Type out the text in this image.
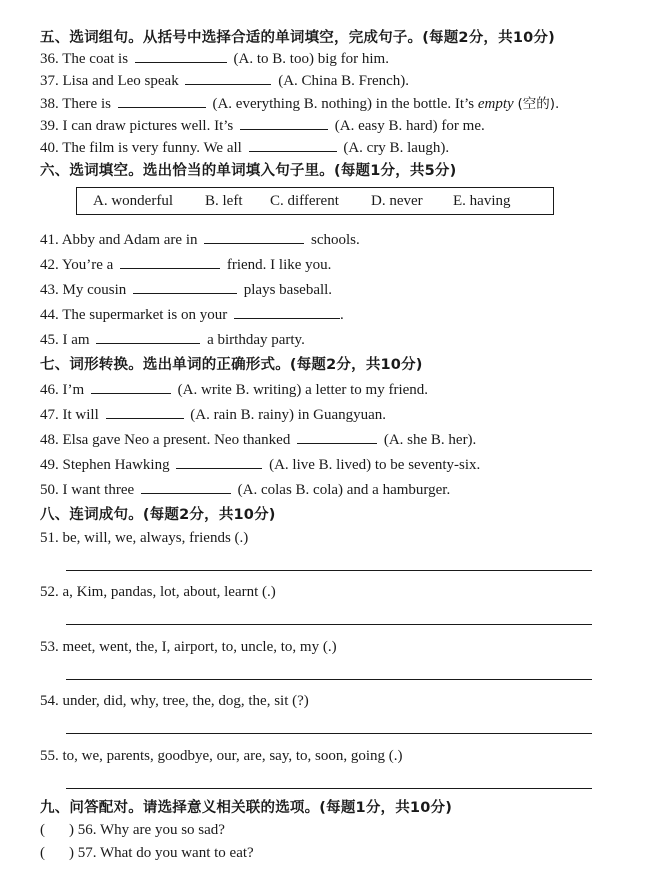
五、选词组句。从括号中选择合适的单词填空，完成句子。(每题2分，共10分)
36. The coat is	(A. to B. too) big for him.
37. Lisa and Leo speak	(A. China B. French).
38. There is	(A. everything B. nothing) in the bottle. It’s empty (空的).
39. I can draw pictures well. It’s	(A. easy B. hard) for me.
40. The film is very funny. We all	(A. cry B. laugh).
六、选词填空。选出恰当的单词填入句子里。(每题1分，共5分)
A. wonderful B. left C. different D. never E. having
41. Abby and Adam are in	schools.
42. You’re a	friend. I like you.
43. My cousin	plays baseball.
44. The supermarket is on your	.
45. I am	a birthday party.
七、词形转换。选出单词的正确形式。(每题2分，共10分)
46. I’m	(A. write B. writing) a letter to my friend.
47. It will	(A. rain B. rainy) in Guangyuan.
48. Elsa gave Neo a present. Neo thanked	(A. she B. her).
49. Stephen Hawking	(A. live B. lived) to be seventy-six.
50. I want three	(A. colas B. cola) and a hamburger.
八、连词成句。(每题2分，共10分)
51. be, will, we, always, friends (.)
52. a, Kim, pandas, lot, about, learnt (.)
53. meet, went, the, I, airport, to, uncle, to, my (.)
54. under, did, why, tree, the, dog, the, sit (?)
55. to, we, parents, goodbye, our, are, say, to, soon, going (.)
九、问答配对。请选择意义相关联的选项。(每题1分，共10分)
( ) 56. Why are you so sad?
( ) 57. What do you want to eat?
